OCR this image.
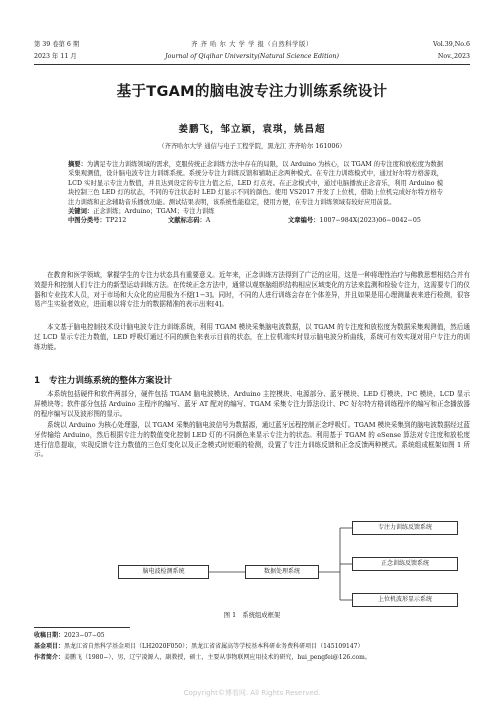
第 39 卷第 6 期
2023 年 11 月
齐 齐 哈 尔 大 学 学 报（自然科学版）
Journal of Qiqihar University(Natural Science Edition)
Vol.39,No.6
Nov.,2023
基于TGAM的脑电波专注力训练系统设计
姜鹏飞，邹立颖，袁琪，姚昌超
（齐齐哈尔大学 通信与电子工程学院，黑龙江 齐齐哈尔 161006）
摘要：为满足专注力训练领域的需求，克服传统正念训练方法中存在的局限，以 Arduino 为核心，以 TGAM 的专注度和放松度为数据采集观测值，设计脑电波专注力训练系统。系统分专注力训练反馈和辅助正念两种模式。在专注力训练模式中，通过好尔特方格游戏，LCD 实时显示专注力数值，并且达到设定的专注力值之后，LED 灯点亮。在正念模式中，通过电脑播放正念音乐，利用 Arduino 模块控制三色 LED 灯的状态，不同的专注状态时 LED 灯显示不同的颜色。使用 VS2017 开发了上位机，借助上位机完成好尔特方格专注力训练和正念辅助音乐播放功能。测试结果表明，该系统性能稳定，使用方便，在专注力训练领域有较好应用前景。
关键词：正念训练；Arduino；TGAM；专注力训练
中图分类号：TP212	文献标志码：A	文章编号：1007−984X(2023)06−0042−05
在教育和医学领域，掌握学生的专注力状态具有重要意义。近年来，正念训练方法得到了广泛的应用，这是一种将理性治疗与佛教思想相结合并有效提升和控制人们专注力的新型运动训练方法。在传统正念方法中，通常以观察脑组织结构相应区域变化的方法来监测和检验专注力，这需要专门的仪器和专业技术人员，对于市场和大众化的应用极为不便[1−3]。同时，不同的人进行训练会存在个体差异，并且如果是用心理测量表来进行检测，很容易产生实验者效应，进而难以将专注力的数据精准的表示出来[4]。
本文基于脑电控制技术设计脑电波专注力训练系统，利用 TGAM 模块采集脑电波数据，以 TGAM 的专注度和放松度为数据采集观测值，然后通过 LCD 显示专注力数值，LED 呼吸灯通过不同的颜色来表示目前的状态，在上位机端实时显示脑电波分析曲线，系统可有效实现对用户专注力的训练功能。
1　专注力训练系统的整体方案设计
本系统包括硬件和软件两部分，硬件包括 TGAM 脑电波模块、Arduino 主控模块、电源部分、蓝牙模块、LED 灯模块、I²C 模块、LCD 显示屏模块等；软件部分包括 Arduino 主程序的编写、蓝牙 AT 配对的编写、TGAM 采集专注力算法设计、PC 好尔特方格训练程序的编写和正念播放器的程序编写以及波形图的显示。
系统以 Arduino 为核心处理器，以 TGAM 采集的脑电波信号为数据源，通过蓝牙远程控制正念呼吸灯。TGAM 模块采集到的脑电波数据经过蓝牙传输给 Arduino，然后根据专注力的数值变化控制 LED 灯的不同颜色来显示专注力的状态。利用基于 TGAM 的 eSense 算法对专注度和放松度进行信息提取，实现反馈专注力数值的三色灯变化以及正念模式时贬眼的检测，设置了专注力训练反馈和正念反馈两种模式。系统组成框架如图 1 所示。
脑电波检测系统	数据处理系统
专注力训练反馈系统
正念训练反馈系统
上位机波形显示系统
图 1　系统组成框架
收稿日期：2023−07−05
基金项目：黑龙江省自然科学基金项目（LH2020F050）；黑龙江省省属高等学校基本科研业务费科研项目（145109147）
作者简介：姜鹏飞（1980−），男，辽宁凌源人，副教授，硕士，主要从事物联网应用技术的研究，hui_pengfei@126.com。
Copyright©博看网. All Rights Reserved.
